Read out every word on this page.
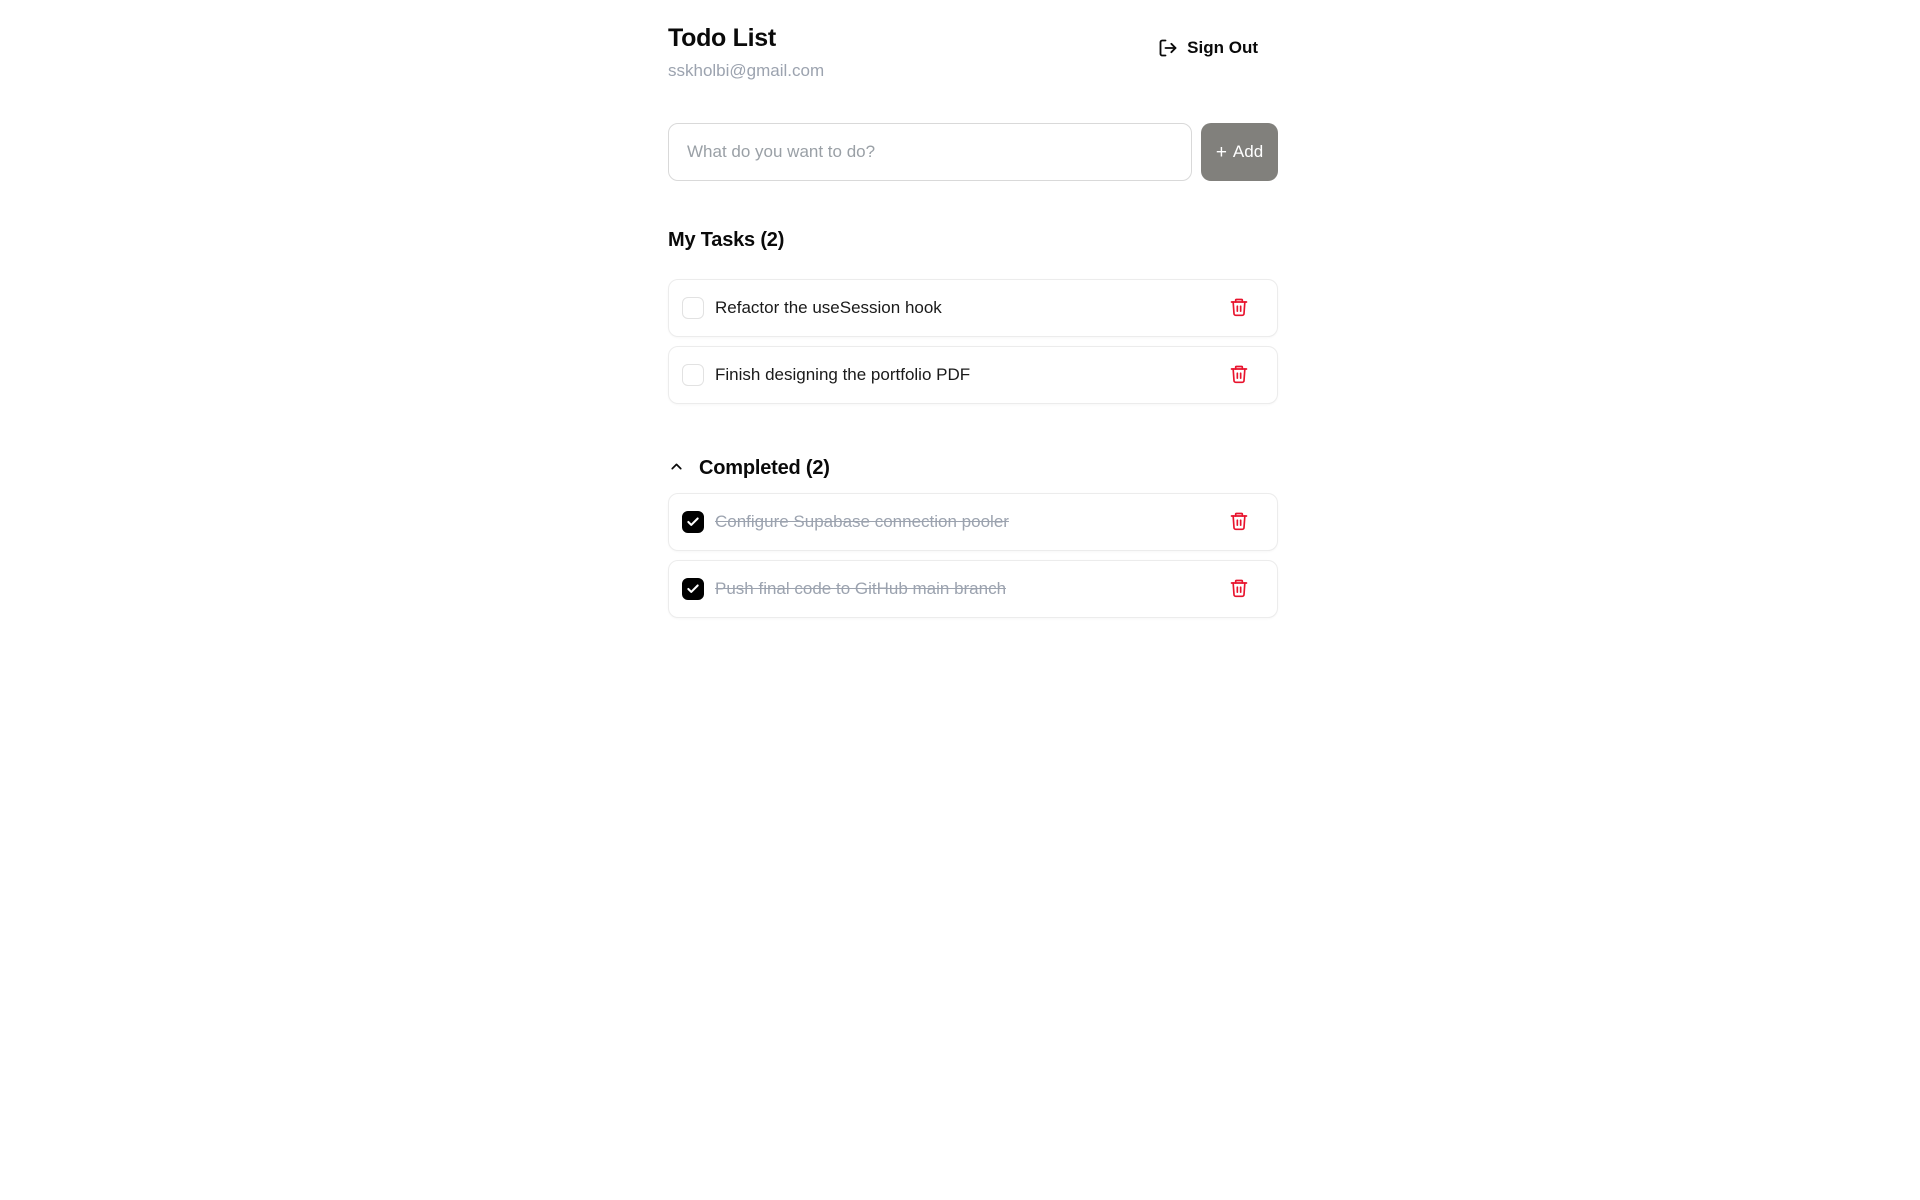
Todo List
sskholbi@gmail.com
Sign Out
What do you want to do?
+ Add
My Tasks (2)
Refactor the useSession hook
Finish designing the portfolio PDF
Completed (2)
Configure Supabase connection pooler
Push final code to GitHub main branch
